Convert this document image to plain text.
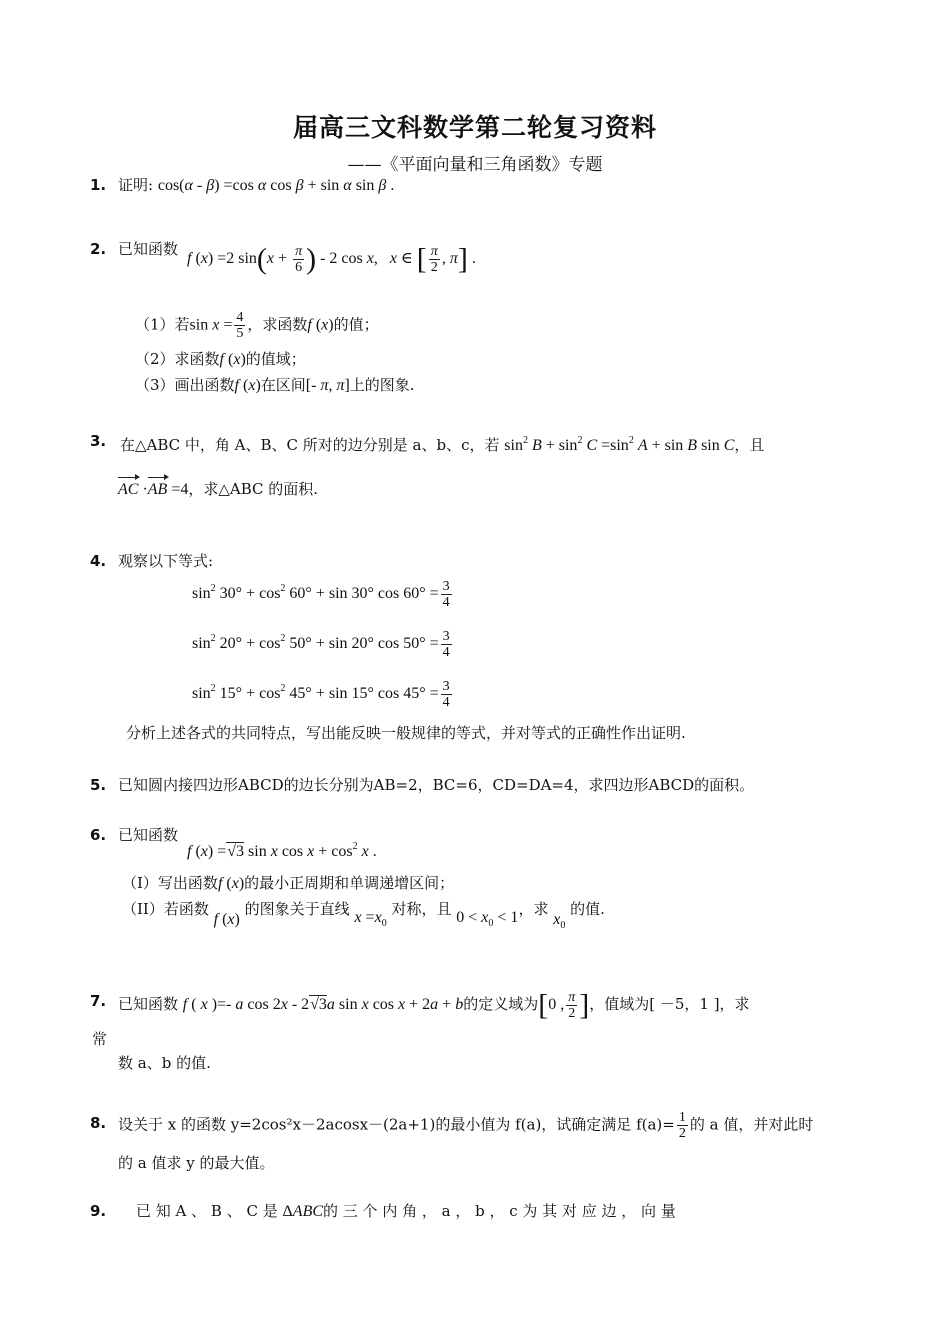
届高三文科数学第二轮复习资料
——《平面向量和三角函数》专题
1. 证明: cos(α - β) =cos α cos β + sin α sin β .
2. 已知函数
f (x) =2 $\sin(x + \frac{\pi}{6}$ ) - 2 cos x,   x ∈ [ $\frac{\pi}{2}$ , π] .
（1）若$\sin x = \frac{4}{5}$ ，求函数f (x)的值；
（2）求函数f (x)的值域；
（3）画出函数f (x)在区间[- π, π]上的图象.
3. 在△ABC 中，角 A、B、C 所对的边分别是 a、b、c，若 $\sin^2 B + \sin^2 C =\sin^2$ A + sin B sin C，且
AC ·AB =4，求△ABC 的面积.
4. 观察以下等式:
$\sin^2 30^\circ + \cos^2 60^\circ + \sin 30^\circ$ $\cos 60^\circ = \frac{3}{4}$
$\sin^2 20^\circ + \cos^2 50^\circ + \sin 20^\circ$ $\cos 50^\circ = \frac{3}{4}$
$\sin^2 15^\circ + \cos^2 45^\circ + \sin 15^\circ$ $\cos 45^\circ = \frac{3}{4}$
分析上述各式的共同特点，写出能反映一般规律的等式，并对等式的正确性作出证明.
5. 已知圆内接四边形ABCD的边长分别为AB=2，BC=6，CD=DA=4，求四边形ABCD的面积。
6. 已知函数
f (x) =√3 sin x $\cos x + \cos^2 x$ .
（I）写出函数f (x)的最小正周期和单调递增区间；
（II）若函数 f (x) 的图象关于直线 $x =x_0$ 对称，且 $0 < x_0 < 1$，求 $x_0$ 的值.
7. 已知函数 f ( x )=- a cos 2x - 2√3a sin x cos x + 2a + b的定义域为[0 , $\frac{\pi}{2}$ ]，值域为[ －5，1 ]，求
常
数 a、b 的值.
8. 设关于 x 的函数 y=2cos²x－2acosx－(2a+1)的最小值为 f(a)，试确定满足 $f(a)= \frac{1}{2}$ 的 a 值，并对此时
的 a 值求 y 的最大值。
9. 已 知 A 、 B 、 C 是 ΔABC的 三 个 内 角 ， a ， b ， c 为 其 对 应 边 ， 向 量
